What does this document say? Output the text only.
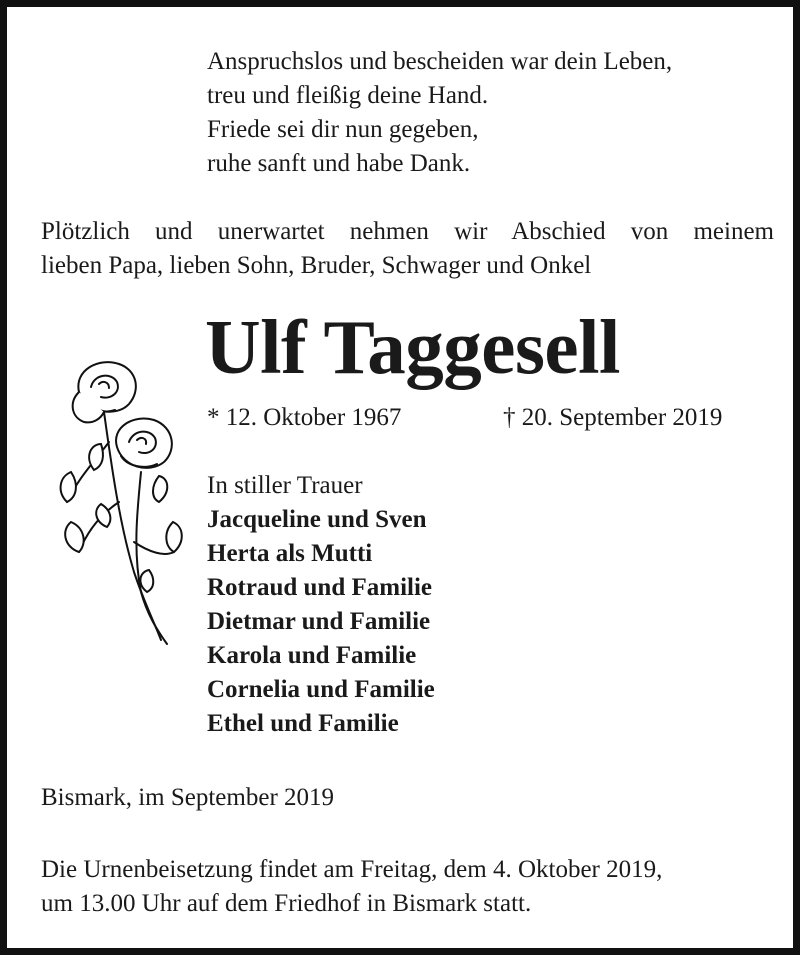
Anspruchslos und bescheiden war dein Leben,
treu und fleißig deine Hand.
Friede sei dir nun gegeben,
ruhe sanft und habe Dank.
Plötzlich und unerwartet nehmen wir Abschied von meinem
lieben Papa, lieben Sohn, Bruder, Schwager und Onkel
Ulf Taggesell
* 12. Oktober 1967	† 20. September 2019
In stiller Trauer
Jacqueline und Sven
Herta als Mutti
Rotraud und Familie
Dietmar und Familie
Karola und Familie
Cornelia und Familie
Ethel und Familie
Bismark, im September 2019
Die Urnenbeisetzung findet am Freitag, dem 4. Oktober 2019,
um 13.00 Uhr auf dem Friedhof in Bismark statt.
